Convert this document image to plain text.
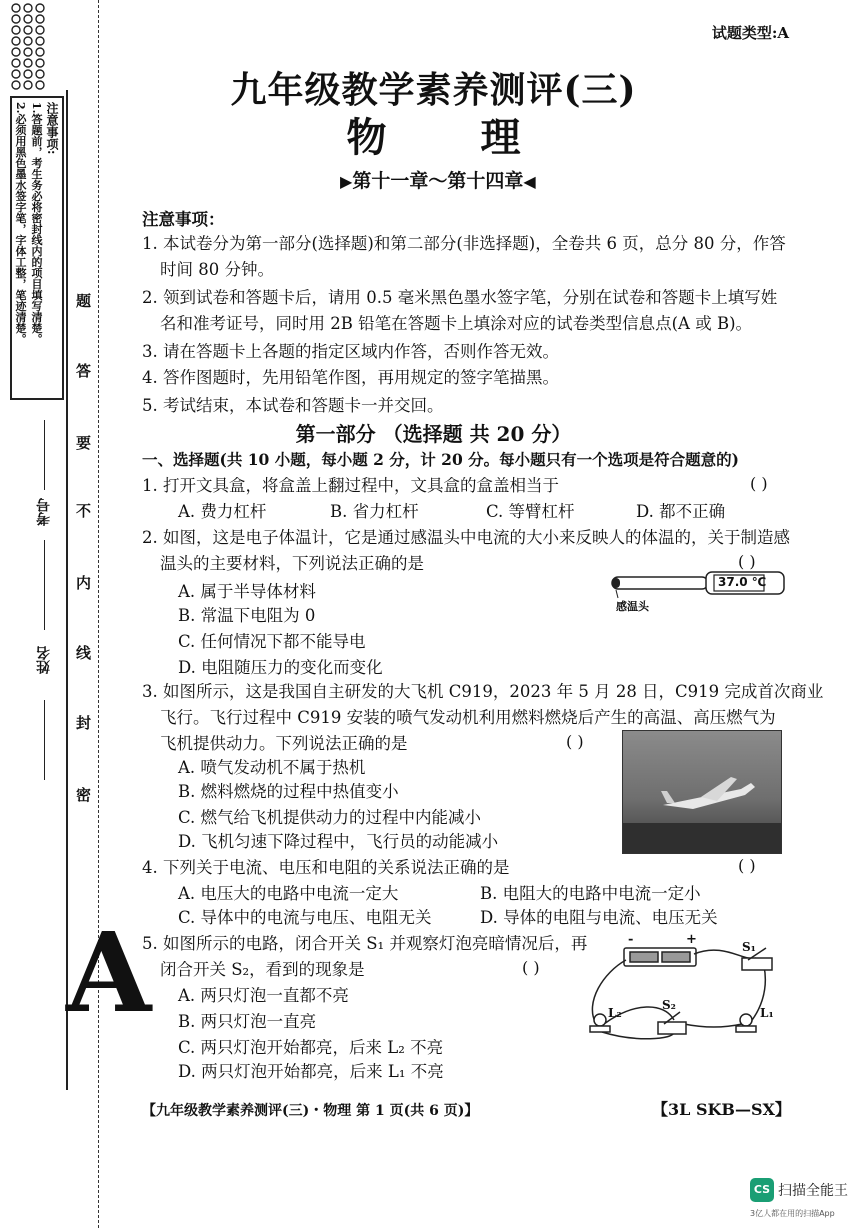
注意事项:
1.答题前，考生务必将密封线内的项目填写清楚。
2.必须用黑色墨水签字笔，字体工整，笔迹清楚。	题
答
要
不
内
线
封
密
考号
姓名
A
试题类型:A
九年级教学素养测评(三)
物 理
▶第十一章～第十四章◀
注意事项：
1. 本试卷分为第一部分(选择题)和第二部分(非选择题)，全卷共 6 页，总分 80 分，作答
时间 80 分钟。
2. 领到试卷和答题卡后，请用 0.5 毫米黑色墨水签字笔，分别在试卷和答题卡上填写姓
名和准考证号，同时用 2B 铅笔在答题卡上填涂对应的试卷类型信息点(A 或 B)。
3. 请在答题卡上各题的指定区域内作答，否则作答无效。
4. 答作图题时，先用铅笔作图，再用规定的签字笔描黑。
5. 考试结束，本试卷和答题卡一并交回。
第一部分 （选择题 共 20 分）
一、选择题(共 10 小题，每小题 2 分，计 20 分。每小题只有一个选项是符合题意的)
1. 打开文具盒，将盒盖上翻过程中，文具盒的盒盖相当于	( )
A. 费力杠杆	B. 省力杠杆	C. 等臂杠杆	D. 都不正确
2. 如图，这是电子体温计，它是通过感温头中电流的大小来反映人的体温的，关于制造感
温头的主要材料，下列说法正确的是	( )
A. 属于半导体材料
B. 常温下电阻为 0
C. 任何情况下都不能导电
D. 电阻随压力的变化而变化
37.0 ℃
感温头
3. 如图所示，这是我国自主研发的大飞机 C919，2023 年 5 月 28 日，C919 完成首次商业
飞行。飞行过程中 C919 安装的喷气发动机利用燃料燃烧后产生的高温、高压燃气为
飞机提供动力。下列说法正确的是	( )
A. 喷气发动机不属于热机
B. 燃料燃烧的过程中热值变小
C. 燃气给飞机提供动力的过程中内能减小
D. 飞机匀速下降过程中，飞行员的动能减小
4. 下列关于电流、电压和电阻的关系说法正确的是	( )
A. 电压大的电路中电流一定大	B. 电阻大的电路中电流一定小
C. 导体中的电流与电压、电阻无关	D. 导体的电阻与电流、电压无关
5. 如图所示的电路，闭合开关 S₁ 并观察灯泡亮暗情况后，再
闭合开关 S₂，看到的现象是	( )
A. 两只灯泡一直都不亮
B. 两只灯泡一直亮
C. 两只灯泡开始都亮，后来 L₂ 不亮
D. 两只灯泡开始都亮，后来 L₁ 不亮
-	+	S₁
S₂
L₁
L₂
【九年级教学素养测评(三)・物理 第 1 页(共 6 页)】	【3L SKB—SX】
CS 扫描全能王
3亿人都在用的扫描App
